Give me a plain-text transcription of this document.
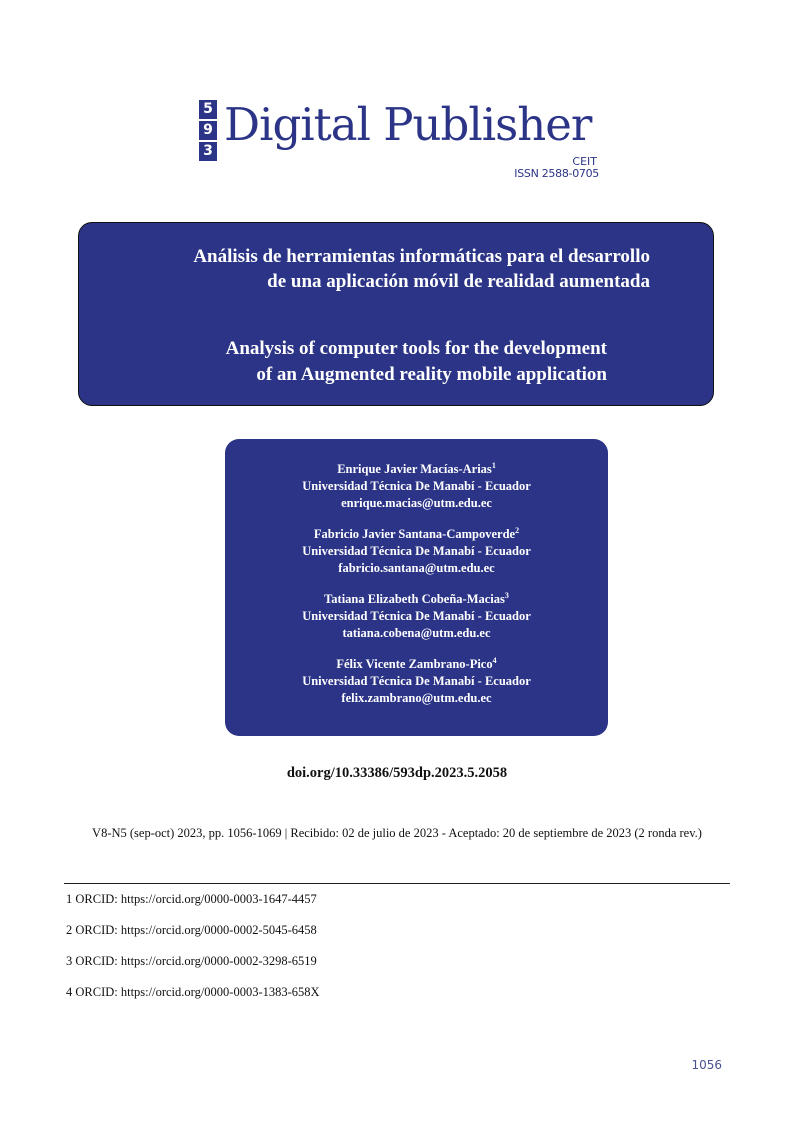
5
9
3 Digital Publisher
CEIT
ISSN 2588-0705
Análisis de herramientas informáticas para el desarrollo
de una aplicación móvil de realidad aumentada
Analysis of computer tools for the development
of an Augmented reality mobile application
Enrique Javier Macías-Arias$^1$
Universidad Técnica De Manabí - Ecuador
enrique.macias@utm.edu.ec
Fabricio Javier Santana-Campoverde$^2$
Universidad Técnica De Manabí - Ecuador
fabricio.santana@utm.edu.ec
Tatiana Elizabeth Cobeña-Macias$^3$
Universidad Técnica De Manabí - Ecuador
tatiana.cobena@utm.edu.ec
Félix Vicente Zambrano-Pico$^4$
Universidad Técnica De Manabí - Ecuador
felix.zambrano@utm.edu.ec
doi.org/10.33386/593dp.2023.5.2058
V8-N5 (sep-oct) 2023, pp. 1056-1069 | Recibido: 02 de julio de 2023 - Aceptado: 20 de septiembre de 2023 (2 ronda rev.)
1 ORCID: https://orcid.org/0000-0003-1647-4457
2 ORCID: https://orcid.org/0000-0002-5045-6458
3 ORCID: https://orcid.org/0000-0002-3298-6519
4 ORCID: https://orcid.org/0000-0003-1383-658X
1056
